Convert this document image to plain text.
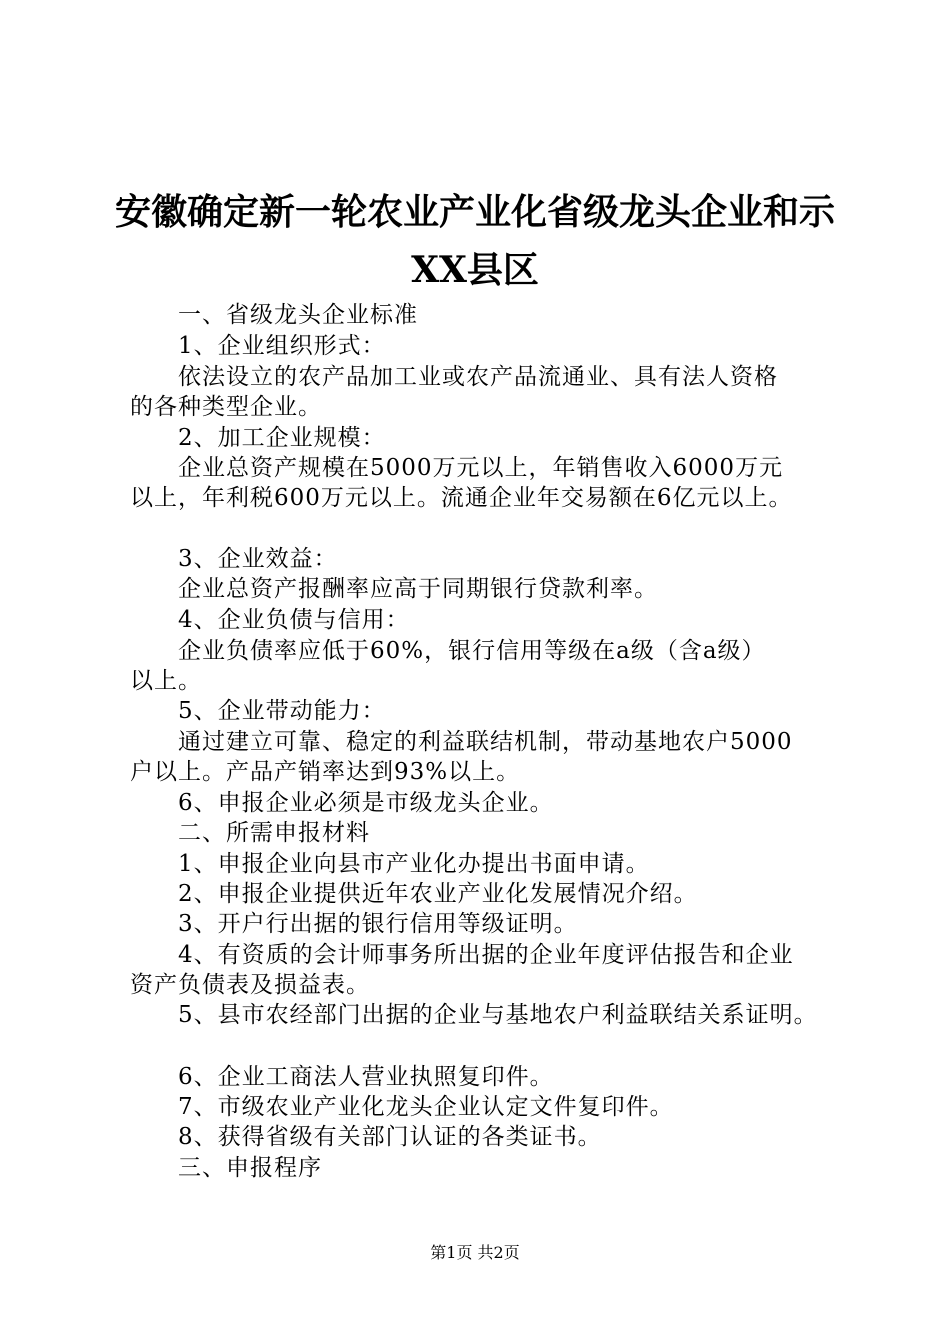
安徽确定新一轮农业产业化省级龙头企业和示
XX县区

一、省级龙头企业标准

1、企业组织形式：

依法设立的农产品加工业或农产品流通业、具有法人资格

的各种类型企业。

2、加工企业规模：

企业总资产规模在5000万元以上，年销售收入6000万元

以上，年利税600万元以上。流通企业年交易额在6亿元以上。

3、企业效益：

企业总资产报酬率应高于同期银行贷款利率。

4、企业负债与信用：

企业负债率应低于60%，银行信用等级在a级（含a级）

以上。

5、企业带动能力：

通过建立可靠、稳定的利益联结机制，带动基地农户5000

户以上。产品产销率达到93%以上。

6、申报企业必须是市级龙头企业。

二、所需申报材料

1、申报企业向县市产业化办提出书面申请。

2、申报企业提供近年农业产业化发展情况介绍。

3、开户行出据的银行信用等级证明。

4、有资质的会计师事务所出据的企业年度评估报告和企业

资产负债表及损益表。

5、县市农经部门出据的企业与基地农户利益联结关系证明。

6、企业工商法人营业执照复印件。

7、市级农业产业化龙头企业认定文件复印件。

8、获得省级有关部门认证的各类证书。

三、申报程序

第1页 共2页
